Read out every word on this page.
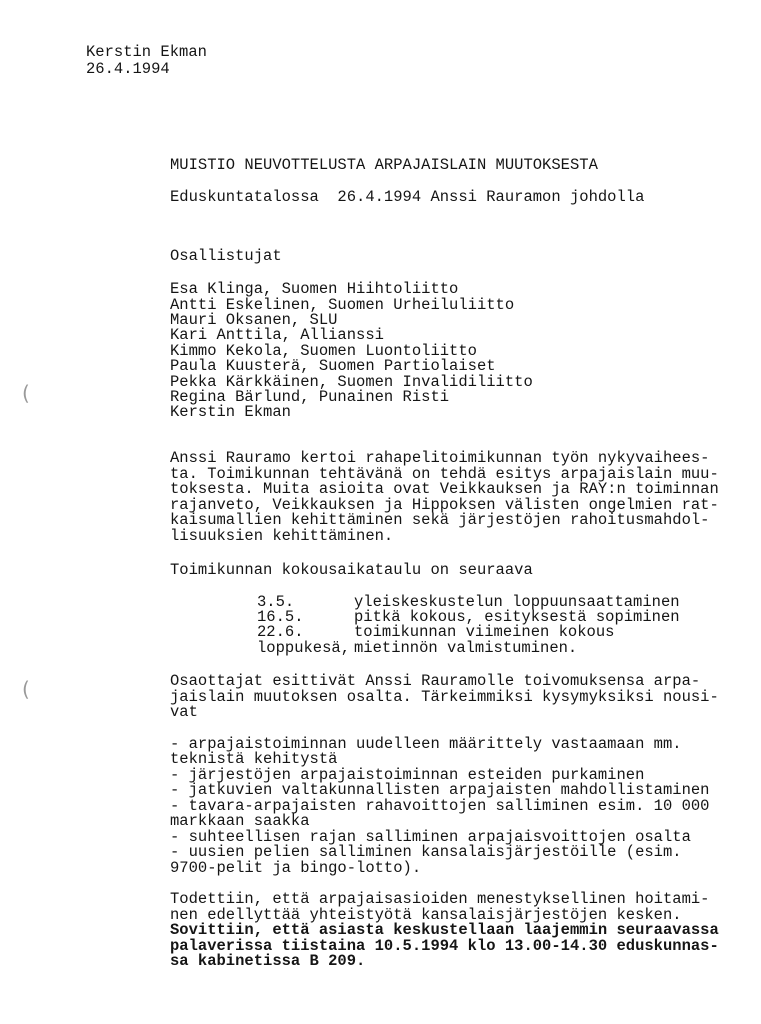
Kerstin Ekman
26.4.1994
MUISTIO NEUVOTTELUSTA ARPAJAISLAIN MUUTOKSESTA
Eduskuntatalossa  26.4.1994 Anssi Rauramon johdolla
Osallistujat
Esa Klinga, Suomen Hiihtoliitto
Antti Eskelinen, Suomen Urheiluliitto
Mauri Oksanen, SLU
Kari Anttila, Allianssi
Kimmo Kekola, Suomen Luontoliitto
Paula Kuusterä, Suomen Partiolaiset
Pekka Kärkkäinen, Suomen Invalidiliitto
Regina Bärlund, Punainen Risti
Kerstin Ekman
(
Anssi Rauramo kertoi rahapelitoimikunnan työn nykyvaihees-
ta. Toimikunnan tehtävänä on tehdä esitys arpajaislain muu-
toksesta. Muita asioita ovat Veikkauksen ja RAY:n toiminnan
rajanveto, Veikkauksen ja Hippoksen välisten ongelmien rat-
kaisumallien kehittäminen sekä järjestöjen rahoitusmahdol-
lisuuksien kehittäminen.
Toimikunnan kokousaikataulu on seuraava
3.5.	yleiskeskustelun loppuunsaattaminen
16.5.	pitkä kokous, esityksestä sopiminen
22.6.	toimikunnan viimeinen kokous
loppukesä, mietinnön valmistuminen.
(	Osaottajat esittivät Anssi Rauramolle toivomuksensa arpa-
jaislain muutoksen osalta. Tärkeimmiksi kysymyksiksi nousi-
vat
- arpajaistoiminnan uudelleen määrittely vastaamaan mm.
teknistä kehitystä
- järjestöjen arpajaistoiminnan esteiden purkaminen
- jatkuvien valtakunnallisten arpajaisten mahdollistaminen
- tavara-arpajaisten rahavoittojen salliminen esim. 10 000
markkaan saakka
- suhteellisen rajan salliminen arpajaisvoittojen osalta
- uusien pelien salliminen kansalaisjärjestöille (esim.
9700-pelit ja bingo-lotto).
Todettiin, että arpajaisasioiden menestyksellinen hoitami-
nen edellyttää yhteistyötä kansalaisjärjestöjen kesken.
Sovittiin, että asiasta keskustellaan laajemmin seuraavassa
palaverissa tiistaina 10.5.1994 klo 13.00-14.30 eduskunnas-
sa kabinetissa B 209.
